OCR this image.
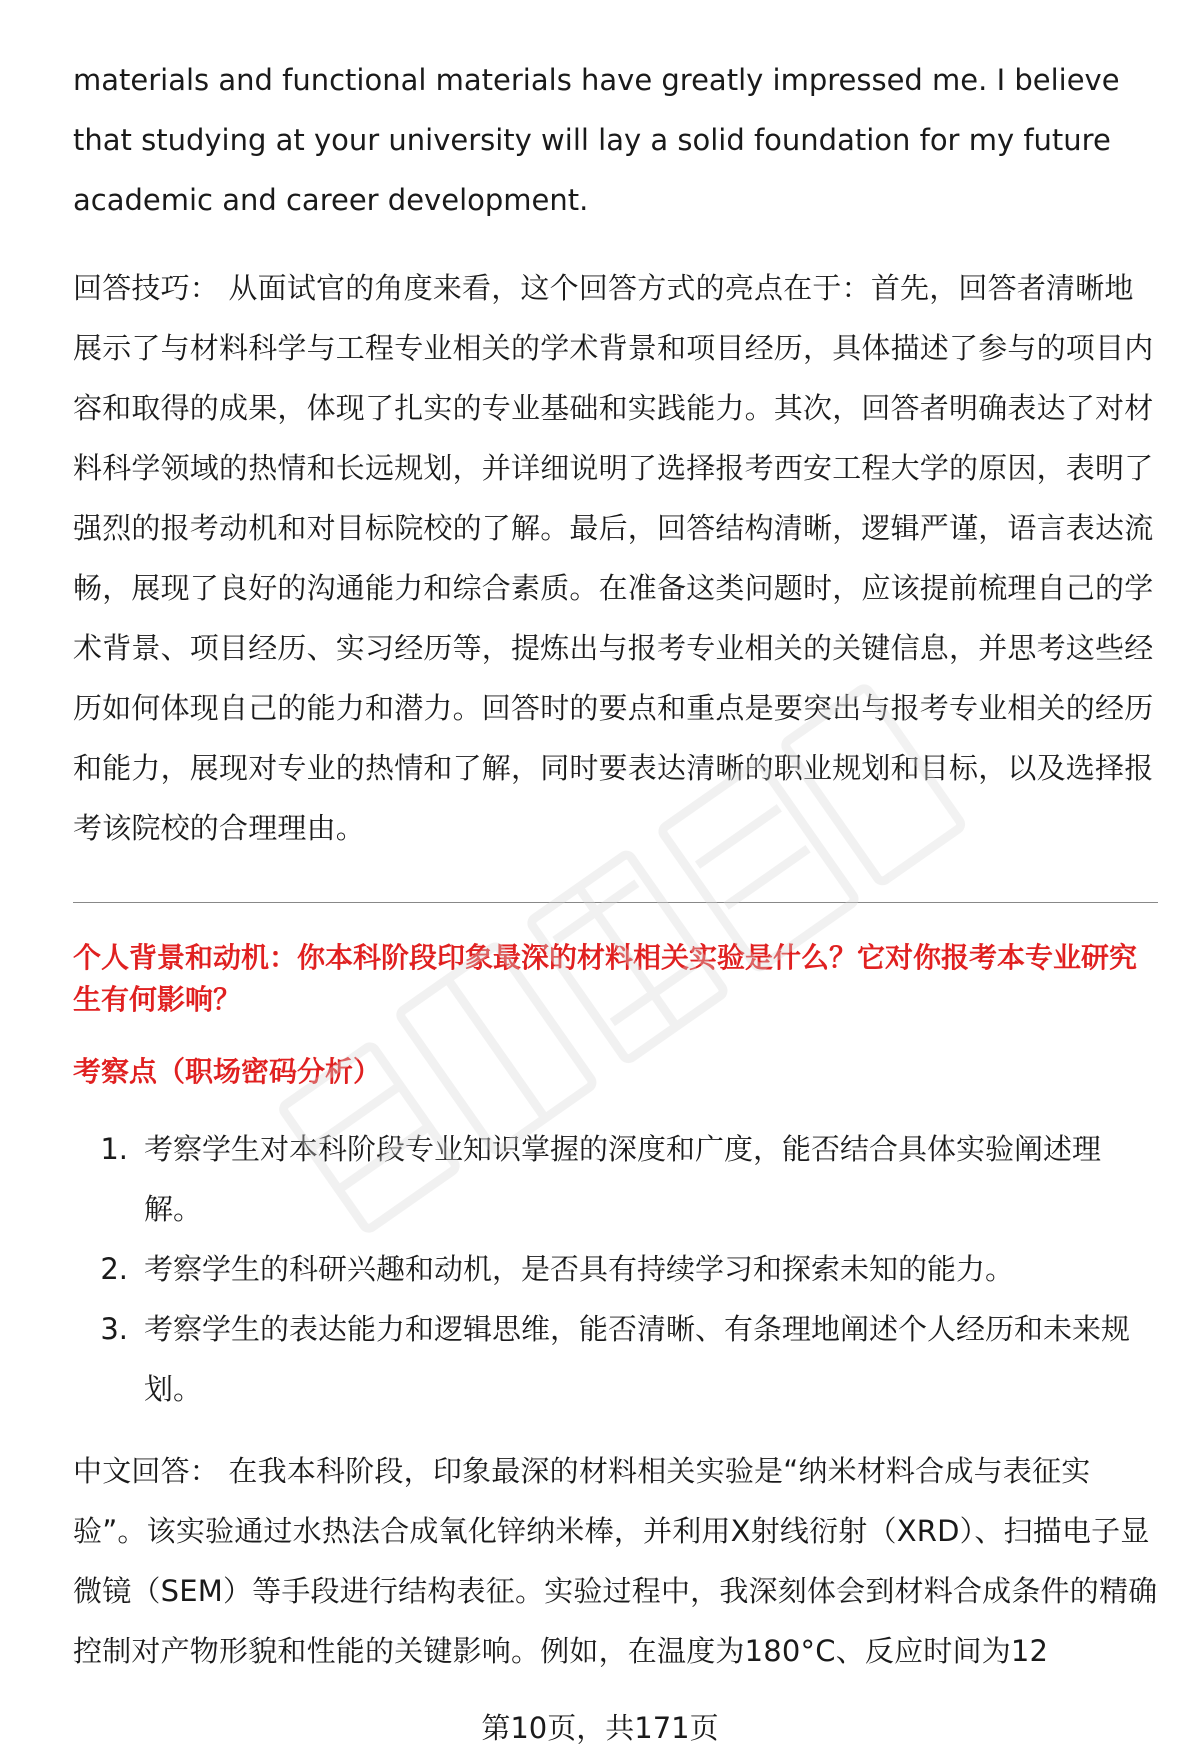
materials and functional materials have greatly impressed me. I believe that studying at your university will lay a solid foundation for my future academic and career development.

回答技巧： 从面试官的角度来看，这个回答方式的亮点在于：首先，回答者清晰地展示了与材料科学与工程专业相关的学术背景和项目经历，具体描述了参与的项目内容和取得的成果，体现了扎实的专业基础和实践能力。其次，回答者明确表达了对材料科学领域的热情和长远规划，并详细说明了选择报考西安工程大学的原因，表明了强烈的报考动机和对目标院校的了解。最后，回答结构清晰，逻辑严谨，语言表达流畅，展现了良好的沟通能力和综合素质。在准备这类问题时，应该提前梳理自己的学术背景、项目经历、实习经历等，提炼出与报考专业相关的关键信息，并思考这些经历如何体现自己的能力和潜力。回答时的要点和重点是要突出与报考专业相关的经历和能力，展现对专业的热情和了解，同时要表达清晰的职业规划和目标，以及选择报考该院校的合理理由。

个人背景和动机：你本科阶段印象最深的材料相关实验是什么？它对你报考本专业研究生有何影响？

考察点（职场密码分析）

1. 考察学生对本科阶段专业知识掌握的深度和广度，能否结合具体实验阐述理解。
2. 考察学生的科研兴趣和动机，是否具有持续学习和探索未知的能力。
3. 考察学生的表达能力和逻辑思维，能否清晰、有条理地阐述个人经历和未来规划。

中文回答： 在我本科阶段，印象最深的材料相关实验是“纳米材料合成与表征实验”。该实验通过水热法合成氧化锌纳米棒，并利用X射线衍射（XRD）、扫描电子显微镜（SEM）等手段进行结构表征。实验过程中，我深刻体会到材料合成条件的精确控制对产物形貌和性能的关键影响。例如，在温度为180°C、反应时间为12

第10页，共171页
